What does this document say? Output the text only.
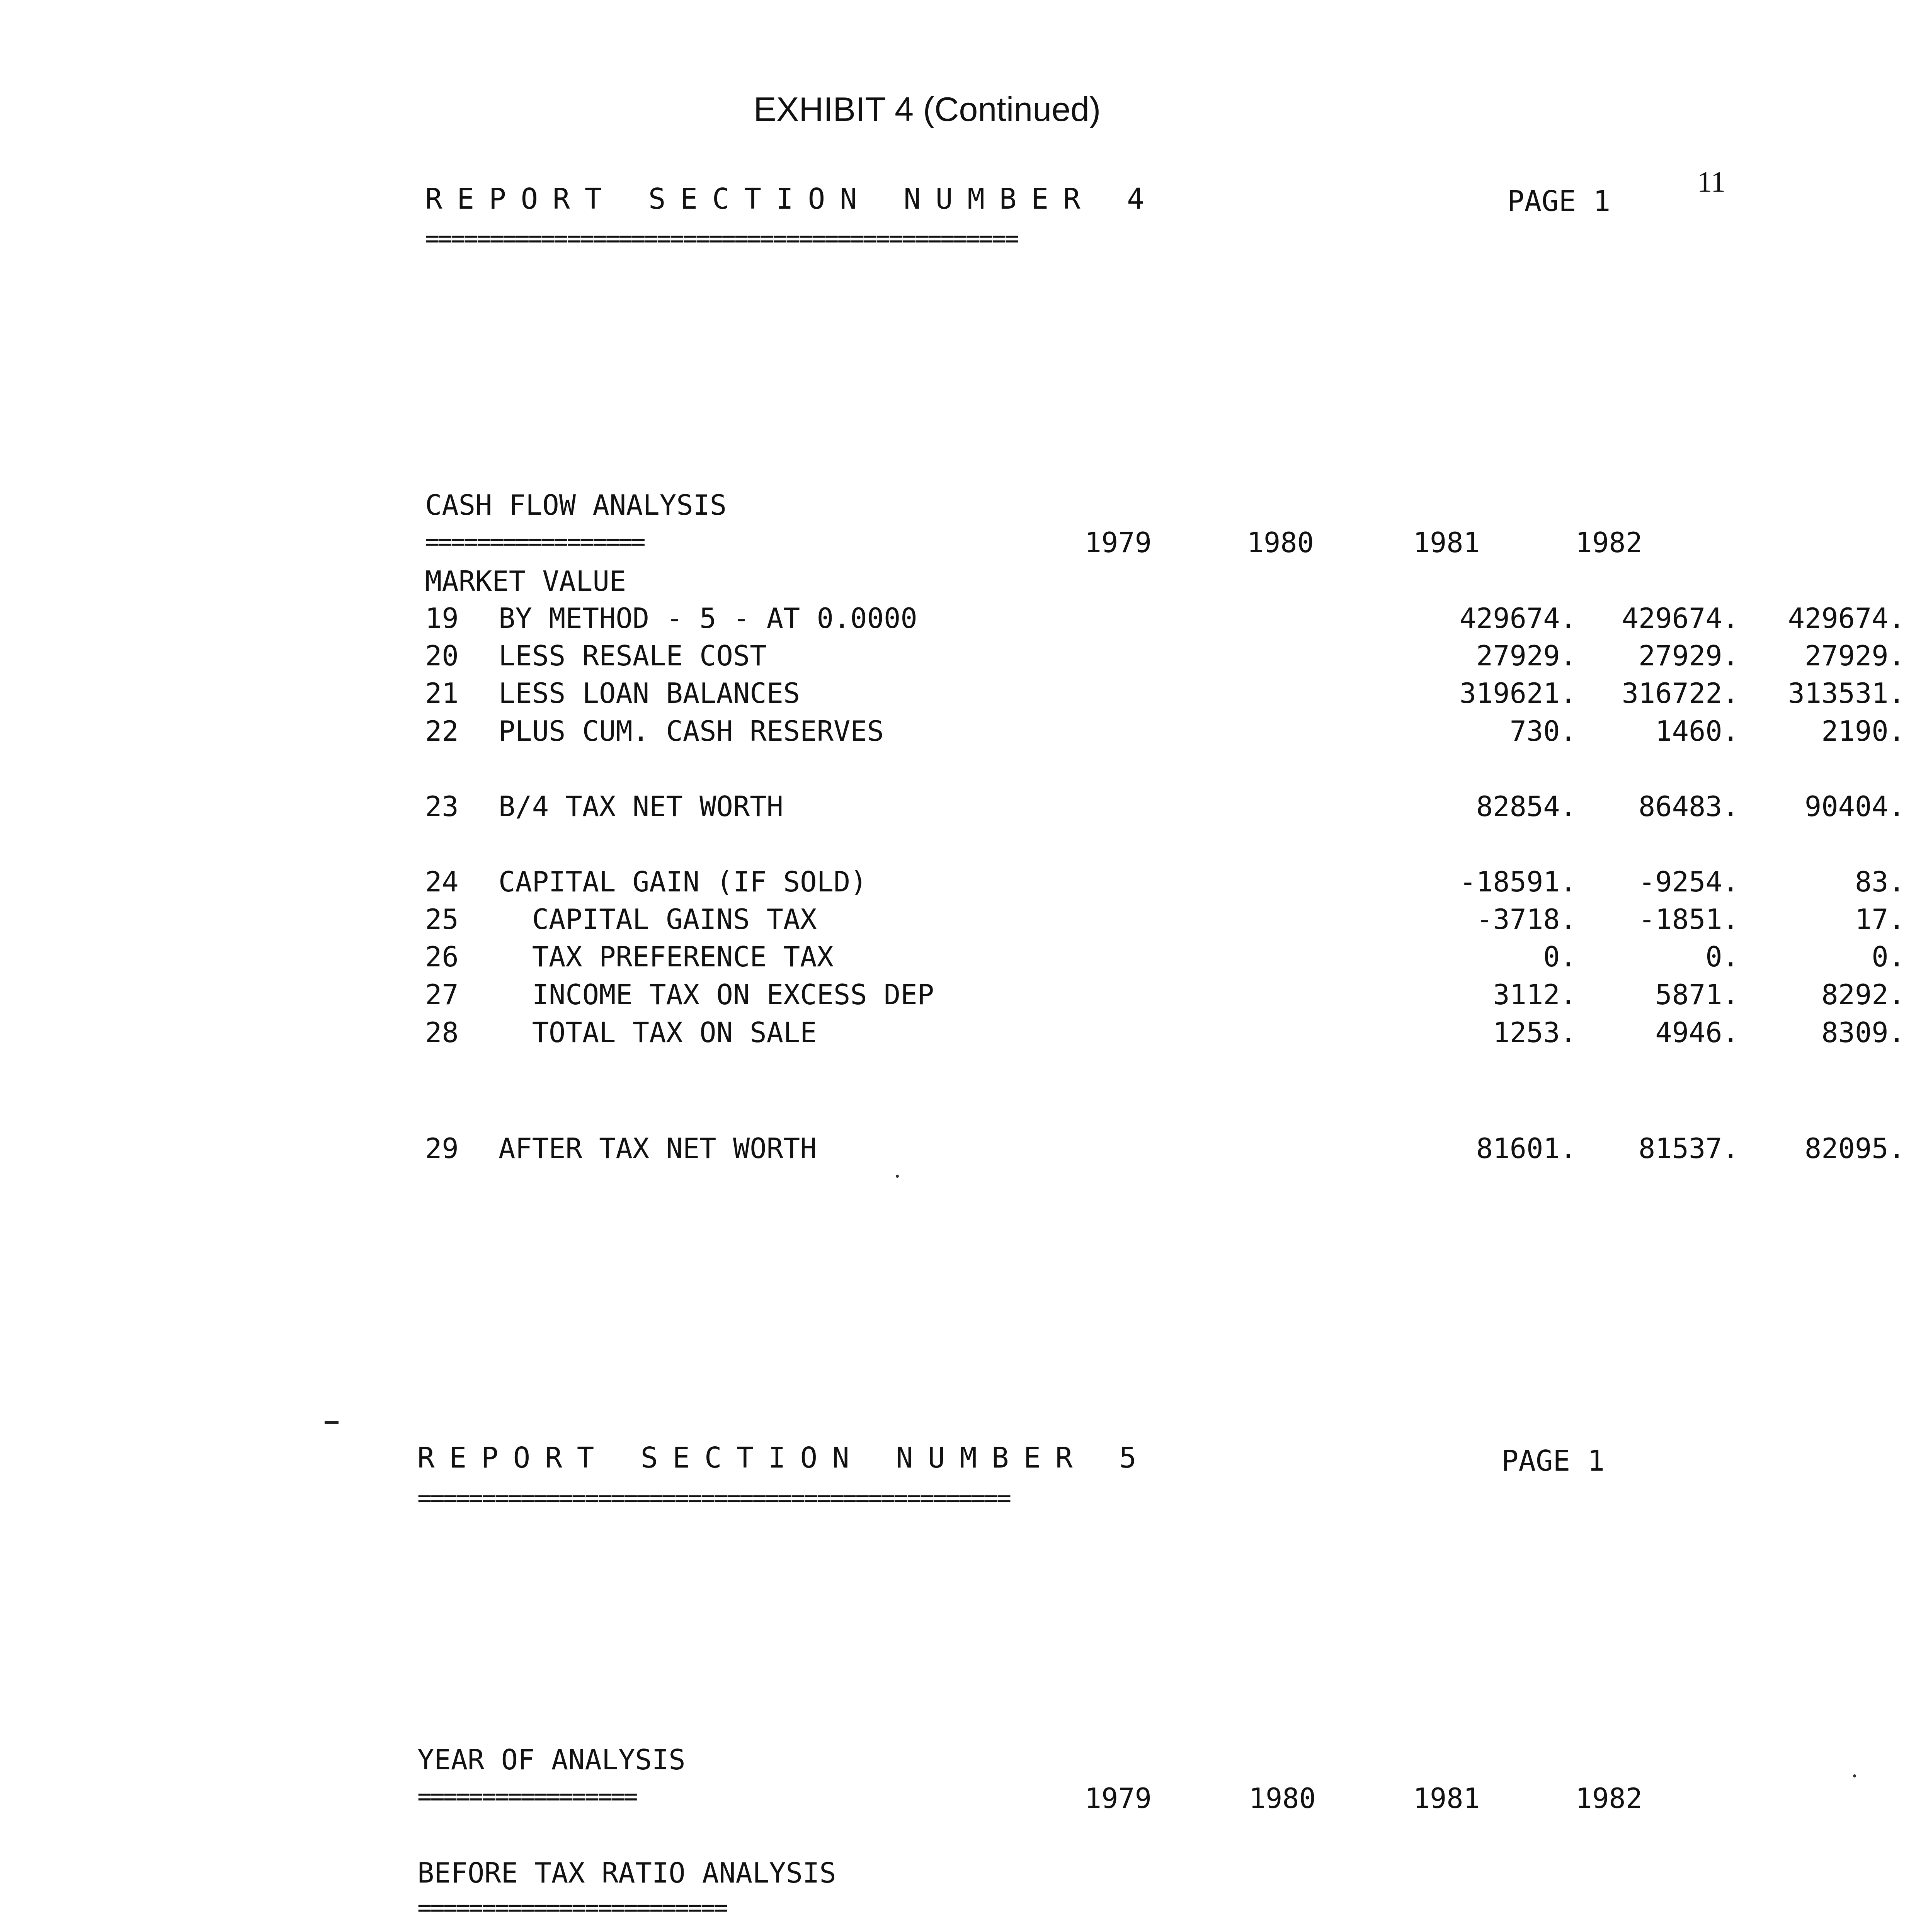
EXHIBIT 4 (Continued)
11
REPORT SECTION NUMBER 4	PAGE 1
==============================================
CASH FLOW ANALYSIS
=================	1979	1980	1981	1982
MARKET VALUE
19 BY METHOD - 5 - AT 0.0000	429674.	429674.	429674.
20 LESS RESALE COST	27929.	27929.	27929.
21 LESS LOAN BALANCES	319621.	316722.	313531.
22 PLUS CUM. CASH RESERVES	730.	1460.	2190.
23 B/4 TAX NET WORTH	82854.	86483.	90404.
24 CAPITAL GAIN (IF SOLD)	-18591.	-9254.	83.
25 CAPITAL GAINS TAX	-3718.	-1851.	17.
26 TAX PREFERENCE TAX	0.	0.	0.
27 INCOME TAX ON EXCESS DEP	3112.	5871.	8292.
28 TOTAL TAX ON SALE	1253.	4946.	8309.
29 AFTER TAX NET WORTH	81601.	81537.	82095.
REPORT SECTION NUMBER 5	PAGE 1
==============================================
YEAR OF ANALYSIS
=================	1979	1980	1981	1982
BEFORE TAX RATIO ANALYSIS
========================
